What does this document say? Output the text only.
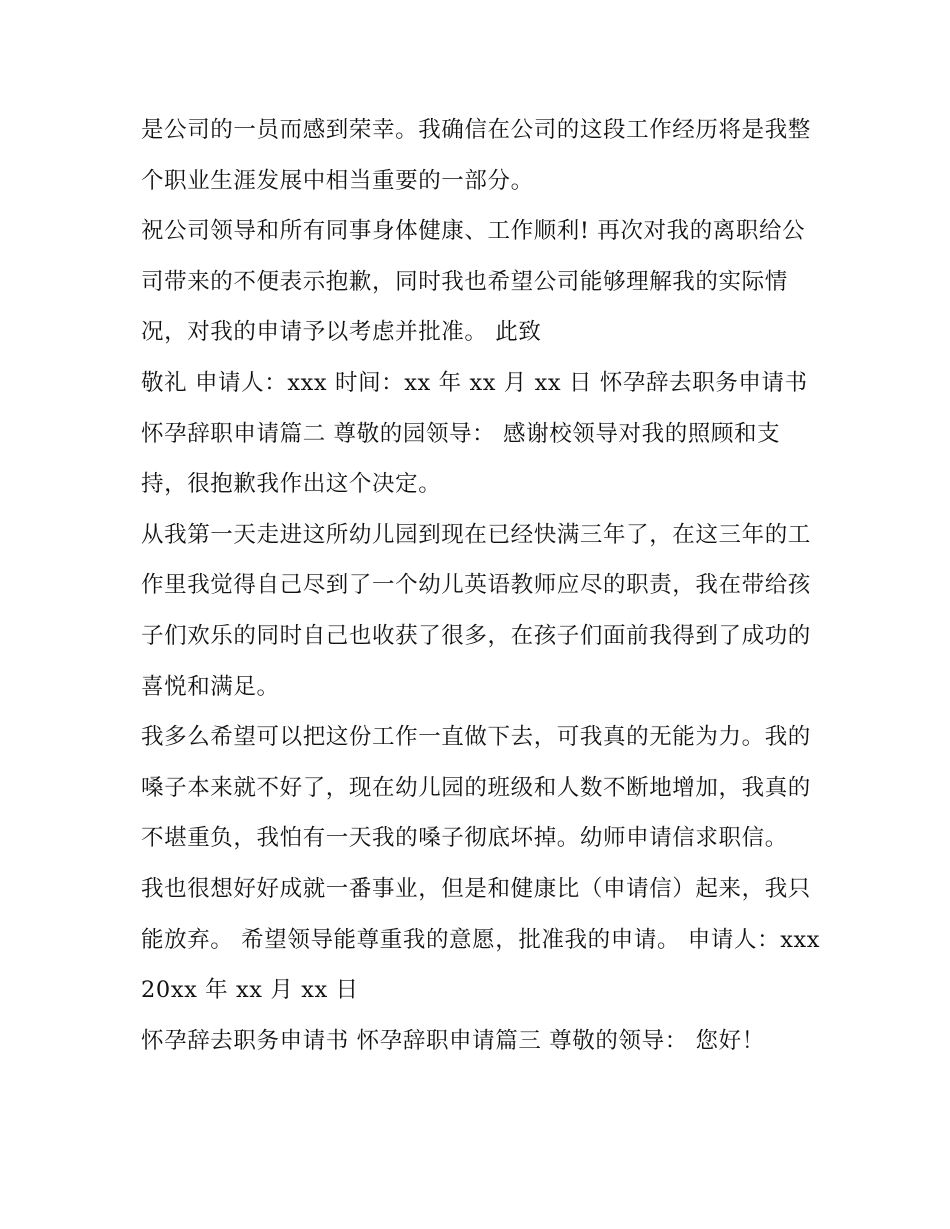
是公司的一员而感到荣幸。我确信在公司的这段工作经历将是我整个职业生涯发展中相当重要的一部分。

祝公司领导和所有同事身体健康、工作顺利! 再次对我的离职给公司带来的不便表示抱歉，同时我也希望公司能够理解我的实际情况，对我的申请予以考虑并批准。 此致

敬礼 申请人：xxx 时间：xx 年 xx 月 xx 日 怀孕辞去职务申请书 怀孕辞职申请篇二 尊敬的园领导： 感谢校领导对我的照顾和支持，很抱歉我作出这个决定。

从我第一天走进这所幼儿园到现在已经快满三年了，在这三年的工作里我觉得自己尽到了一个幼儿英语教师应尽的职责，我在带给孩子们欢乐的同时自己也收获了很多，在孩子们面前我得到了成功的喜悦和满足。

我多么希望可以把这份工作一直做下去，可我真的无能为力。我的嗓子本来就不好了，现在幼儿园的班级和人数不断地增加，我真的不堪重负，我怕有一天我的嗓子彻底坏掉。幼师申请信求职信。

我也很想好好成就一番事业，但是和健康比（申请信）起来，我只能放弃。 希望领导能尊重我的意愿，批准我的申请。 申请人：xxx 20xx 年 xx 月 xx 日

怀孕辞去职务申请书 怀孕辞职申请篇三 尊敬的领导： 您好！
